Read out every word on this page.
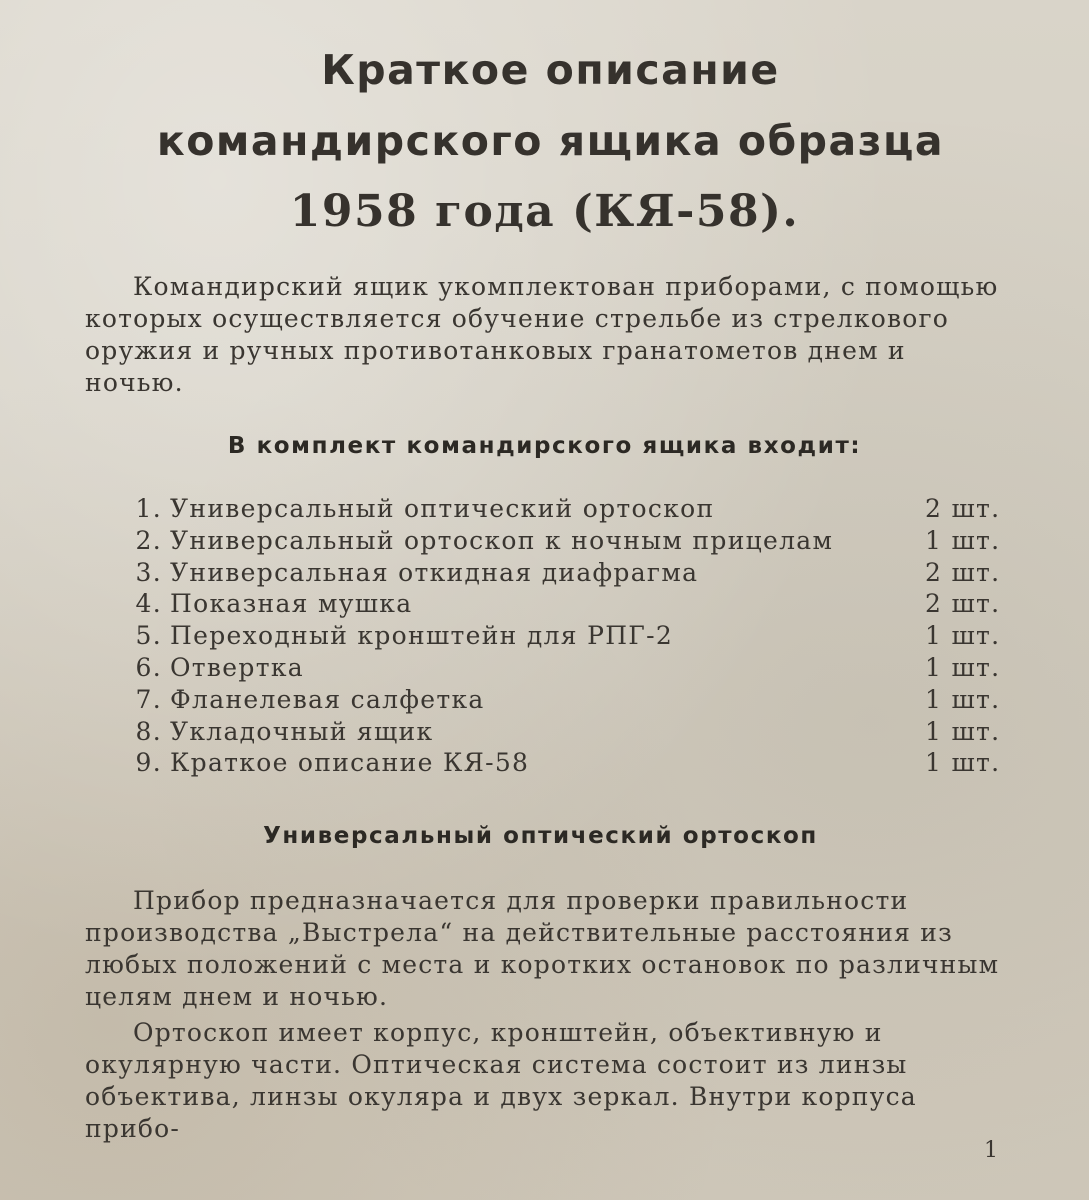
Краткое описание
командирского ящика образца
1958 года (КЯ-58).

Командирский ящик укомплектован приборами, с помощью которых осуществляется обучение стрельбе из стрелкового оружия и ручных противотанковых гранатометов днем и ночью.

В комплект командирского ящика входит:
1. Универсальный оптический ортоскоп	2 шт.
2. Универсальный ортоскоп к ночным прицелам	1 шт.
3. Универсальная откидная диафрагма	2 шт.
4. Показная мушка	2 шт.
5. Переходный кронштейн для РПГ-2	1 шт.
6. Отвертка	1 шт.
7. Фланелевая салфетка	1 шт.
8. Укладочный ящик	1 шт.
9. Краткое описание КЯ-58	1 шт.
Универсальный оптический ортоскоп

Прибор предназначается для проверки правильности производства „Выстрела“ на действительные расстояния из любых положений с места и коротких остановок по различным целям днем и ночью.

Ортоскоп имеет корпус, кронштейн, объективную и окулярную части. Оптическая система состоит из линзы объектива, линзы окуляра и двух зеркал. Внутри корпуса прибо-

1
